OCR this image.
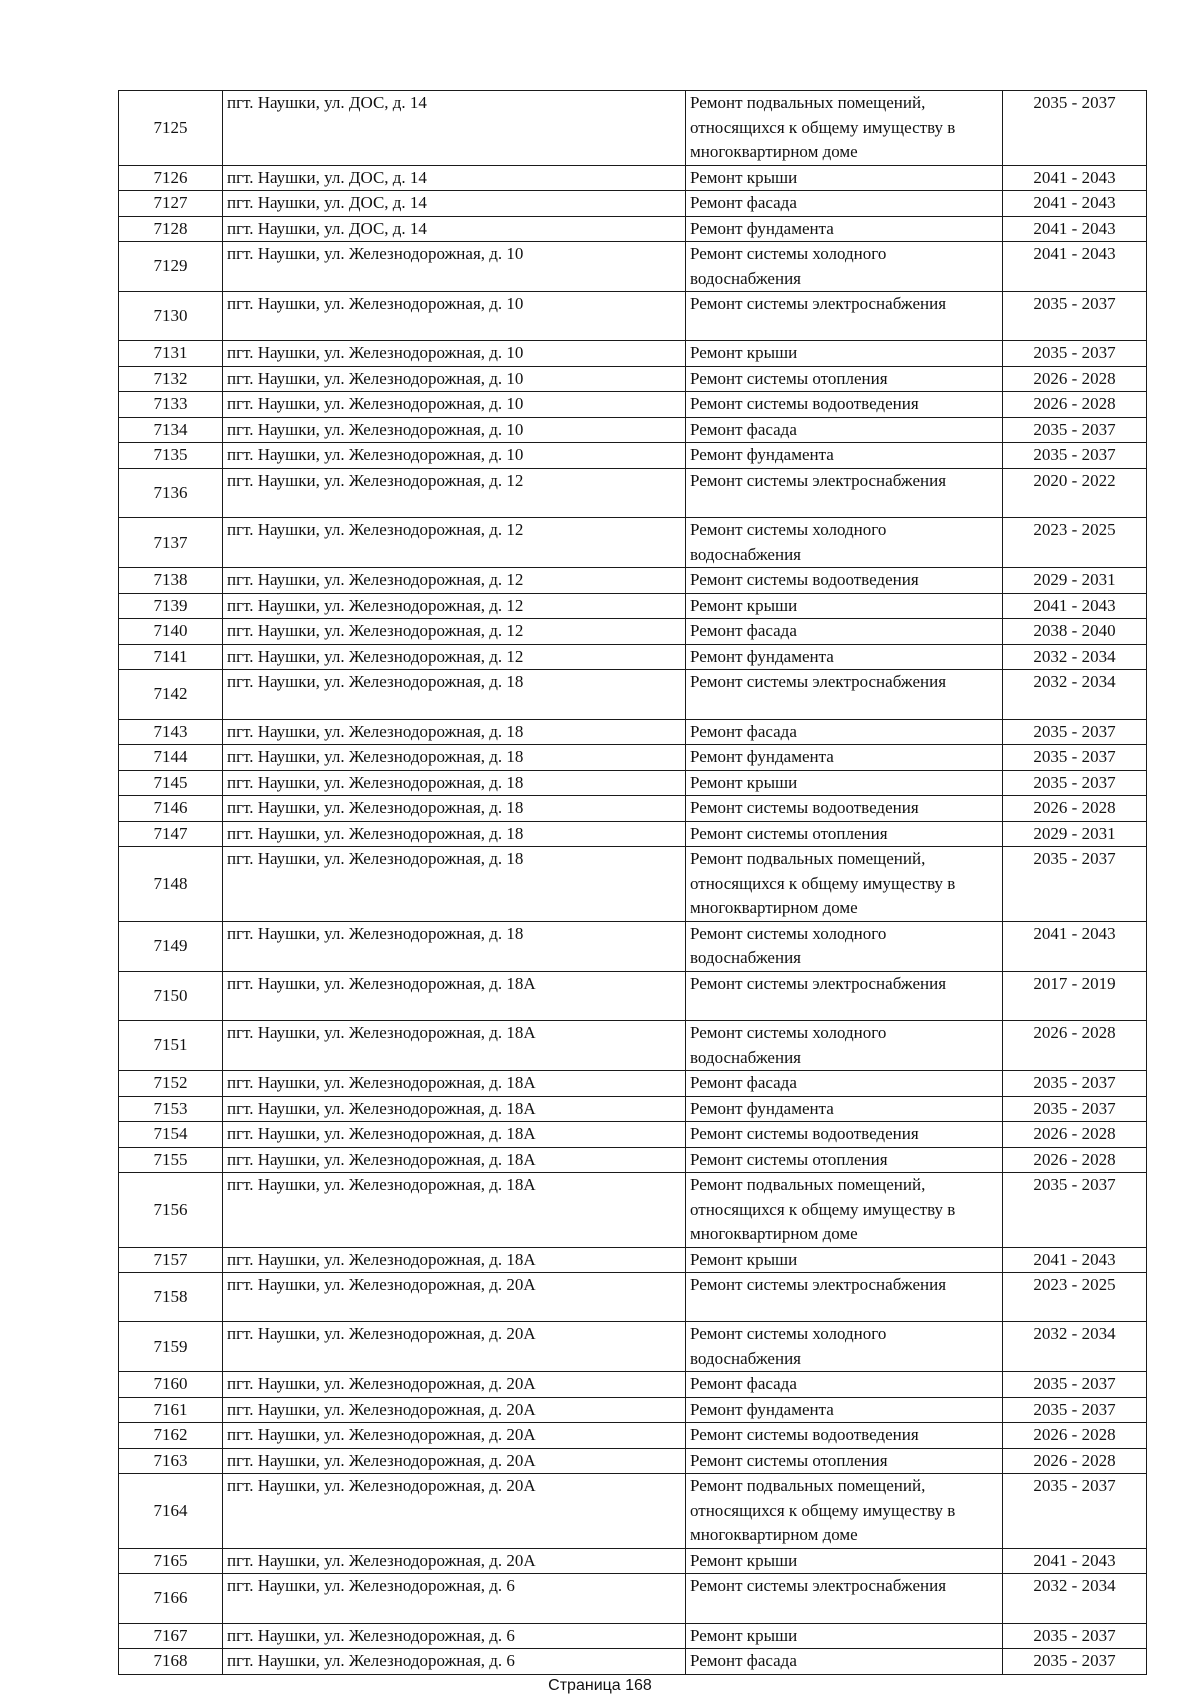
7125	пгт. Наушки, ул. ДОС, д. 14	Ремонт подвальных помещений, относящихся к общему имуществу в многоквартирном доме	2035 - 2037
7126	пгт. Наушки, ул. ДОС, д. 14	Ремонт крыши	2041 - 2043
7127	пгт. Наушки, ул. ДОС, д. 14	Ремонт фасада	2041 - 2043
7128	пгт. Наушки, ул. ДОС, д. 14	Ремонт фундамента	2041 - 2043
7129	пгт. Наушки, ул. Железнодорожная, д. 10	Ремонт системы холодного водоснабжения	2041 - 2043
7130	пгт. Наушки, ул. Железнодорожная, д. 10	Ремонт системы электроснабжения	2035 - 2037
7131	пгт. Наушки, ул. Железнодорожная, д. 10	Ремонт крыши	2035 - 2037
7132	пгт. Наушки, ул. Железнодорожная, д. 10	Ремонт системы отопления	2026 - 2028
7133	пгт. Наушки, ул. Железнодорожная, д. 10	Ремонт системы водоотведения	2026 - 2028
7134	пгт. Наушки, ул. Железнодорожная, д. 10	Ремонт фасада	2035 - 2037
7135	пгт. Наушки, ул. Железнодорожная, д. 10	Ремонт фундамента	2035 - 2037
7136	пгт. Наушки, ул. Железнодорожная, д. 12	Ремонт системы электроснабжения	2020 - 2022
7137	пгт. Наушки, ул. Железнодорожная, д. 12	Ремонт системы холодного водоснабжения	2023 - 2025
7138	пгт. Наушки, ул. Железнодорожная, д. 12	Ремонт системы водоотведения	2029 - 2031
7139	пгт. Наушки, ул. Железнодорожная, д. 12	Ремонт крыши	2041 - 2043
7140	пгт. Наушки, ул. Железнодорожная, д. 12	Ремонт фасада	2038 - 2040
7141	пгт. Наушки, ул. Железнодорожная, д. 12	Ремонт фундамента	2032 - 2034
7142	пгт. Наушки, ул. Железнодорожная, д. 18	Ремонт системы электроснабжения	2032 - 2034
7143	пгт. Наушки, ул. Железнодорожная, д. 18	Ремонт фасада	2035 - 2037
7144	пгт. Наушки, ул. Железнодорожная, д. 18	Ремонт фундамента	2035 - 2037
7145	пгт. Наушки, ул. Железнодорожная, д. 18	Ремонт крыши	2035 - 2037
7146	пгт. Наушки, ул. Железнодорожная, д. 18	Ремонт системы водоотведения	2026 - 2028
7147	пгт. Наушки, ул. Железнодорожная, д. 18	Ремонт системы отопления	2029 - 2031
7148	пгт. Наушки, ул. Железнодорожная, д. 18	Ремонт подвальных помещений, относящихся к общему имуществу в многоквартирном доме	2035 - 2037
7149	пгт. Наушки, ул. Железнодорожная, д. 18	Ремонт системы холодного водоснабжения	2041 - 2043
7150	пгт. Наушки, ул. Железнодорожная, д. 18А	Ремонт системы электроснабжения	2017 - 2019
7151	пгт. Наушки, ул. Железнодорожная, д. 18А	Ремонт системы холодного водоснабжения	2026 - 2028
7152	пгт. Наушки, ул. Железнодорожная, д. 18А	Ремонт фасада	2035 - 2037
7153	пгт. Наушки, ул. Железнодорожная, д. 18А	Ремонт фундамента	2035 - 2037
7154	пгт. Наушки, ул. Железнодорожная, д. 18А	Ремонт системы водоотведения	2026 - 2028
7155	пгт. Наушки, ул. Железнодорожная, д. 18А	Ремонт системы отопления	2026 - 2028
7156	пгт. Наушки, ул. Железнодорожная, д. 18А	Ремонт подвальных помещений, относящихся к общему имуществу в многоквартирном доме	2035 - 2037
7157	пгт. Наушки, ул. Железнодорожная, д. 18А	Ремонт крыши	2041 - 2043
7158	пгт. Наушки, ул. Железнодорожная, д. 20А	Ремонт системы электроснабжения	2023 - 2025
7159	пгт. Наушки, ул. Железнодорожная, д. 20А	Ремонт системы холодного водоснабжения	2032 - 2034
7160	пгт. Наушки, ул. Железнодорожная, д. 20А	Ремонт фасада	2035 - 2037
7161	пгт. Наушки, ул. Железнодорожная, д. 20А	Ремонт фундамента	2035 - 2037
7162	пгт. Наушки, ул. Железнодорожная, д. 20А	Ремонт системы водоотведения	2026 - 2028
7163	пгт. Наушки, ул. Железнодорожная, д. 20А	Ремонт системы отопления	2026 - 2028
7164	пгт. Наушки, ул. Железнодорожная, д. 20А	Ремонт подвальных помещений, относящихся к общему имуществу в многоквартирном доме	2035 - 2037
7165	пгт. Наушки, ул. Железнодорожная, д. 20А	Ремонт крыши	2041 - 2043
7166	пгт. Наушки, ул. Железнодорожная, д. 6	Ремонт системы электроснабжения	2032 - 2034
7167	пгт. Наушки, ул. Железнодорожная, д. 6	Ремонт крыши	2035 - 2037
7168	пгт. Наушки, ул. Железнодорожная, д. 6	Ремонт фасада	2035 - 2037
Страница 168
